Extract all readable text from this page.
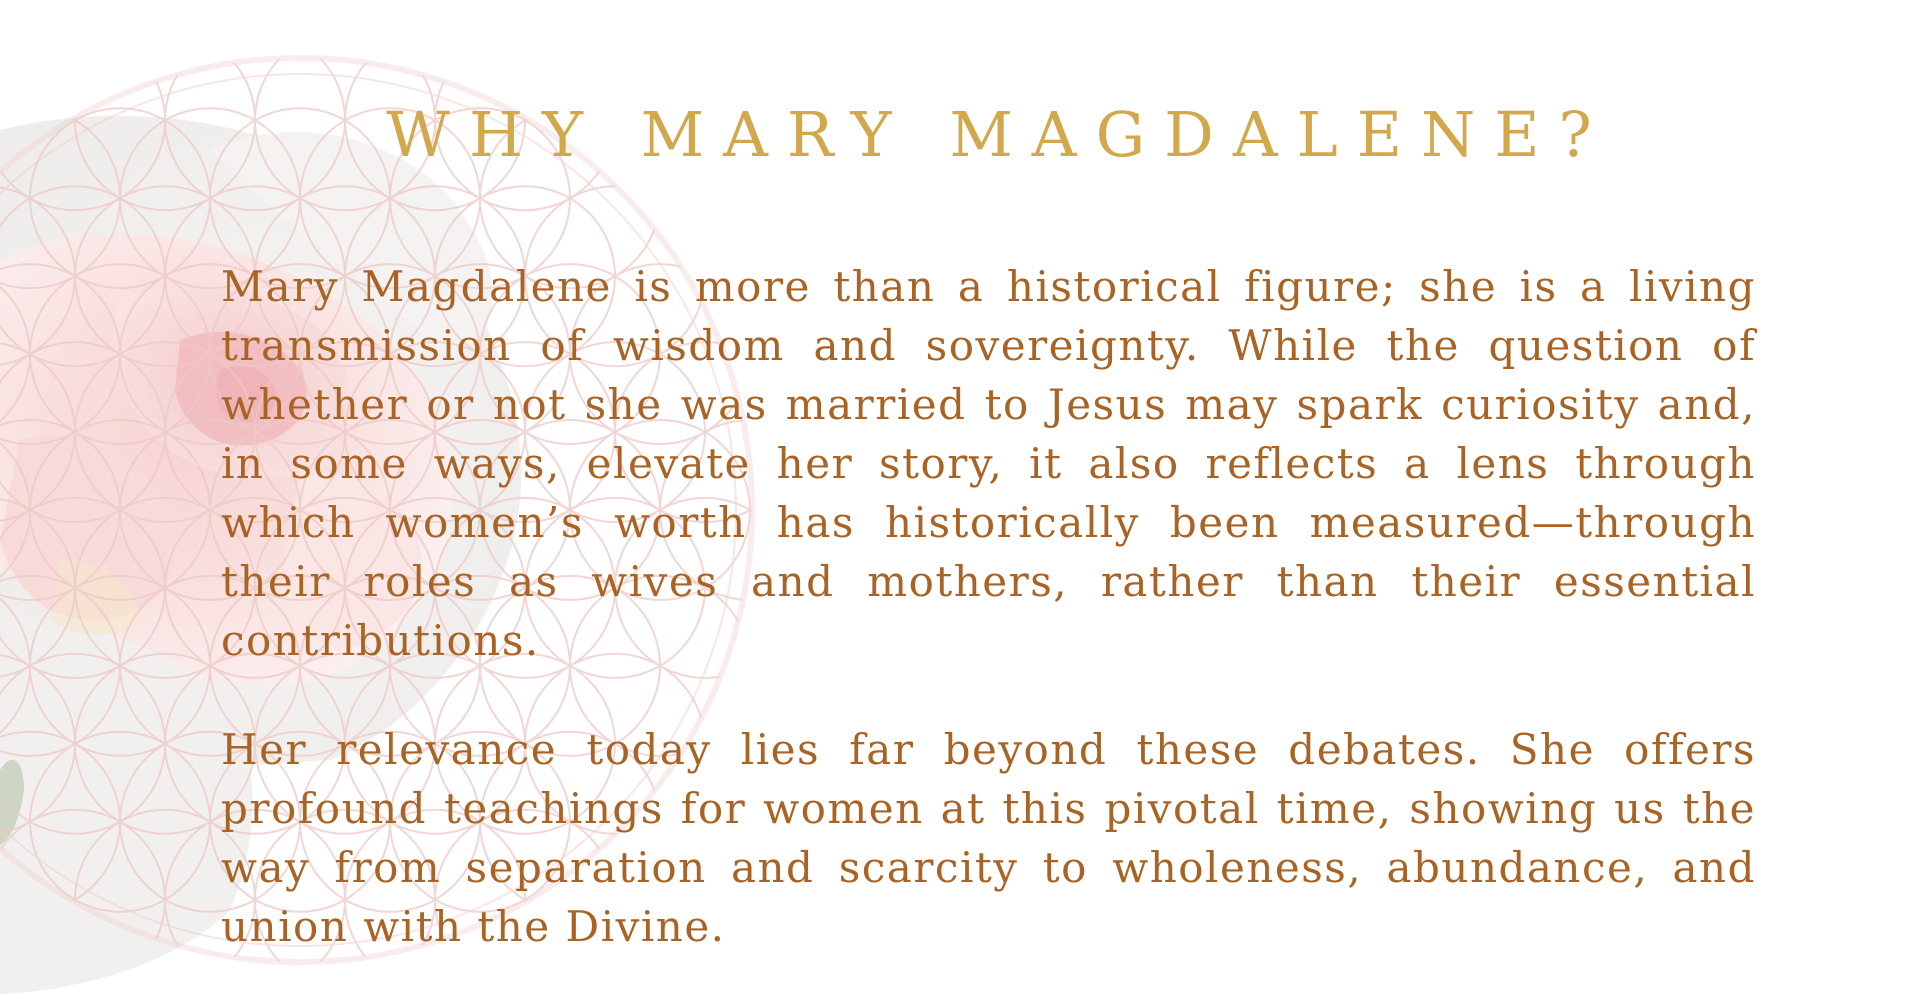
WHY MARY MAGDALENE?

Mary Magdalene is more than a historical figure; she is a living transmission of wisdom and sovereignty. While the question of whether or not she was married to Jesus may spark curiosity and, in some ways, elevate her story, it also reflects a lens through which women’s worth has historically been measured—through their roles as wives and mothers, rather than their essential contributions.

Her relevance today lies far beyond these debates. She offers profound teachings for women at this pivotal time, showing us the way from separation and scarcity to wholeness, abundance, and union with the Divine.
